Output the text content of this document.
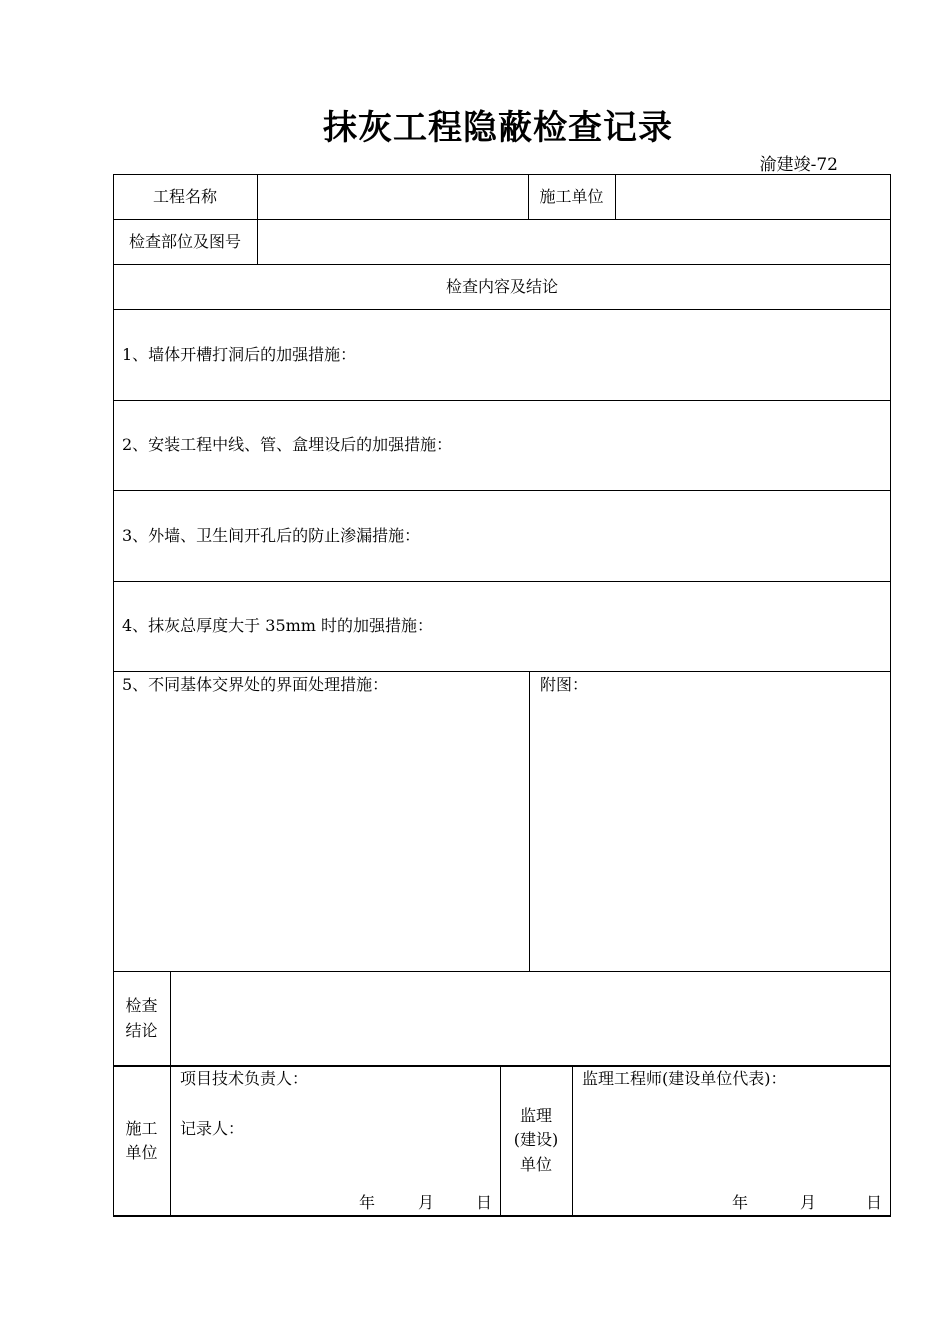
抹灰工程隐蔽检查记录
渝建竣-72
工程名称	施工单位
检查部位及图号
检查内容及结论
1、墙体开槽打洞后的加强措施：
2、安装工程中线、管、盒埋设后的加强措施：
3、外墙、卫生间开孔后的防止渗漏措施：
4、抹灰总厚度大于 35mm 时的加强措施：
5、不同基体交界处的界面处理措施：	附图：
检查
结论
施工
单位
项目技术负责人：
记录人：
年	月	日
监理
(建设)
单位
监理工程师(建设单位代表)：
年	月	日
